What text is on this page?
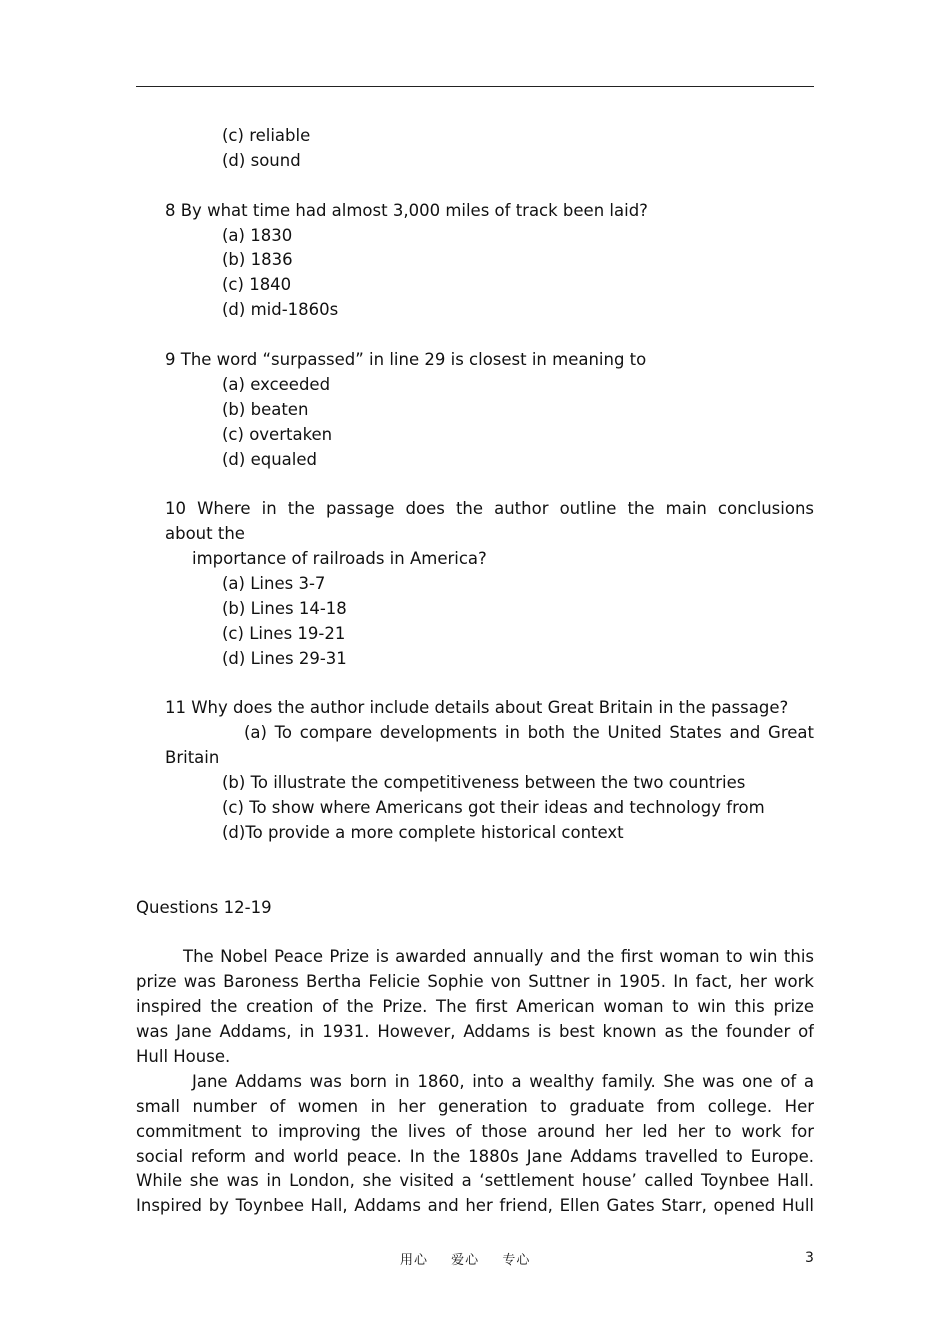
(c) reliable
(d) sound
8 By what time had almost 3,000 miles of track been laid?
(a) 1830
(b) 1836
(c) 1840
(d) mid-1860s
9 The word “surpassed” in line 29 is closest in meaning to
(a) exceeded
(b) beaten
(c) overtaken
(d) equaled
10 Where in the passage does the author outline the main conclusions
about the
importance of railroads in America?
(a) Lines 3-7
(b) Lines 14-18
(c) Lines 19-21
(d) Lines 29-31
11 Why does the author include details about Great Britain in the passage?
(a) To compare developments in both the United States and Great
Britain
(b) To illustrate the competitiveness between the two countries
(c) To show where Americans got their ideas and technology from
(d)To provide a more complete historical context
Questions 12-19
The Nobel Peace Prize is awarded annually and the first woman to win this
prize was Baroness Bertha Felicie Sophie von Suttner in 1905. In fact, her work
inspired the creation of the Prize. The first American woman to win this prize
was Jane Addams, in 1931. However, Addams is best known as the founder of
Hull House.
Jane Addams was born in 1860, into a wealthy family. She was one of a
small number of women in her generation to graduate from college. Her
commitment to improving the lives of those around her led her to work for
social reform and world peace. In the 1880s Jane Addams travelled to Europe.
While she was in London, she visited a ‘settlement house’ called Toynbee Hall.
Inspired by Toynbee Hall, Addams and her friend, Ellen Gates Starr, opened Hull
用心 爱心 专心	3
